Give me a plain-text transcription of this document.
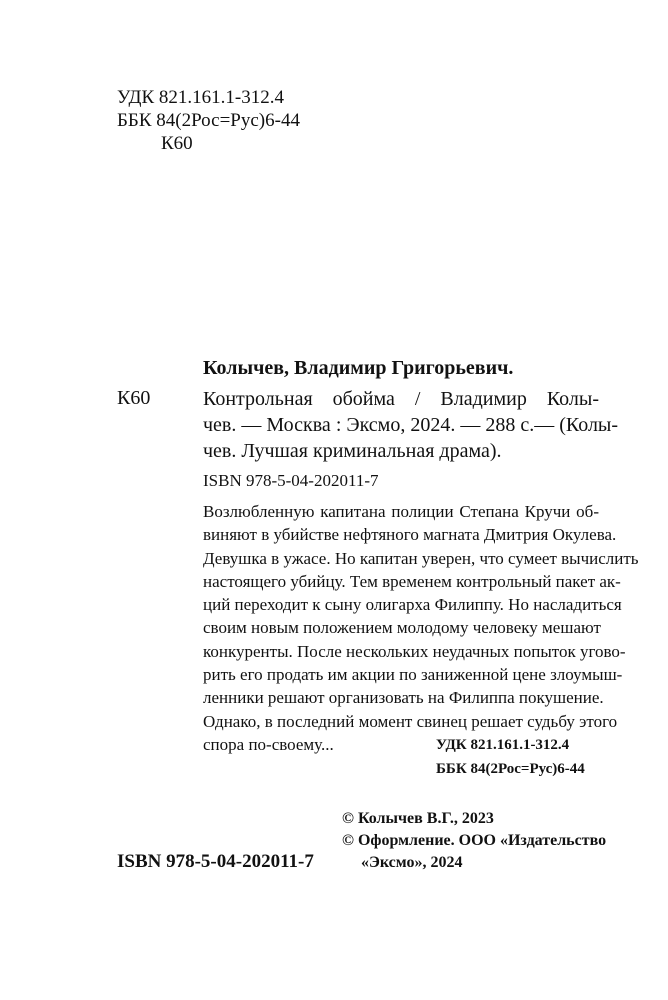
УДК 821.161.1-312.4
ББК 84(2Рос=Рус)6-44
К60
Колычев, Владимир Григорьевич.
К60	Контрольная обойма / Владимир Колы-
чев. — Москва : Эксмо, 2024. — 288 с.— (Колы-
чев. Лучшая криминальная драма).
ISBN 978-5-04-202011-7
Возлюбленную капитана полиции Степана Кручи об-
виняют в убийстве нефтяного магната Дмитрия Окулева.
Девушка в ужасе. Но капитан уверен, что сумеет вычислить
настоящего убийцу. Тем временем контрольный пакет ак-
ций переходит к сыну олигарха Филиппу. Но насладиться
своим новым положением молодому человеку мешают
конкуренты. После нескольких неудачных попыток угово-
рить его продать им акции по заниженной цене злоумыш-
ленники решают организовать на Филиппа покушение.
Однако, в последний момент свинец решает судьбу этого
спора по-своему...	УДК 821.161.1-312.4
ББК 84(2Рос=Рус)6-44
© Колычев В.Г., 2023
© Оформление. ООО «Издательство
«Эксмо», 2024
ISBN 978-5-04-202011-7
